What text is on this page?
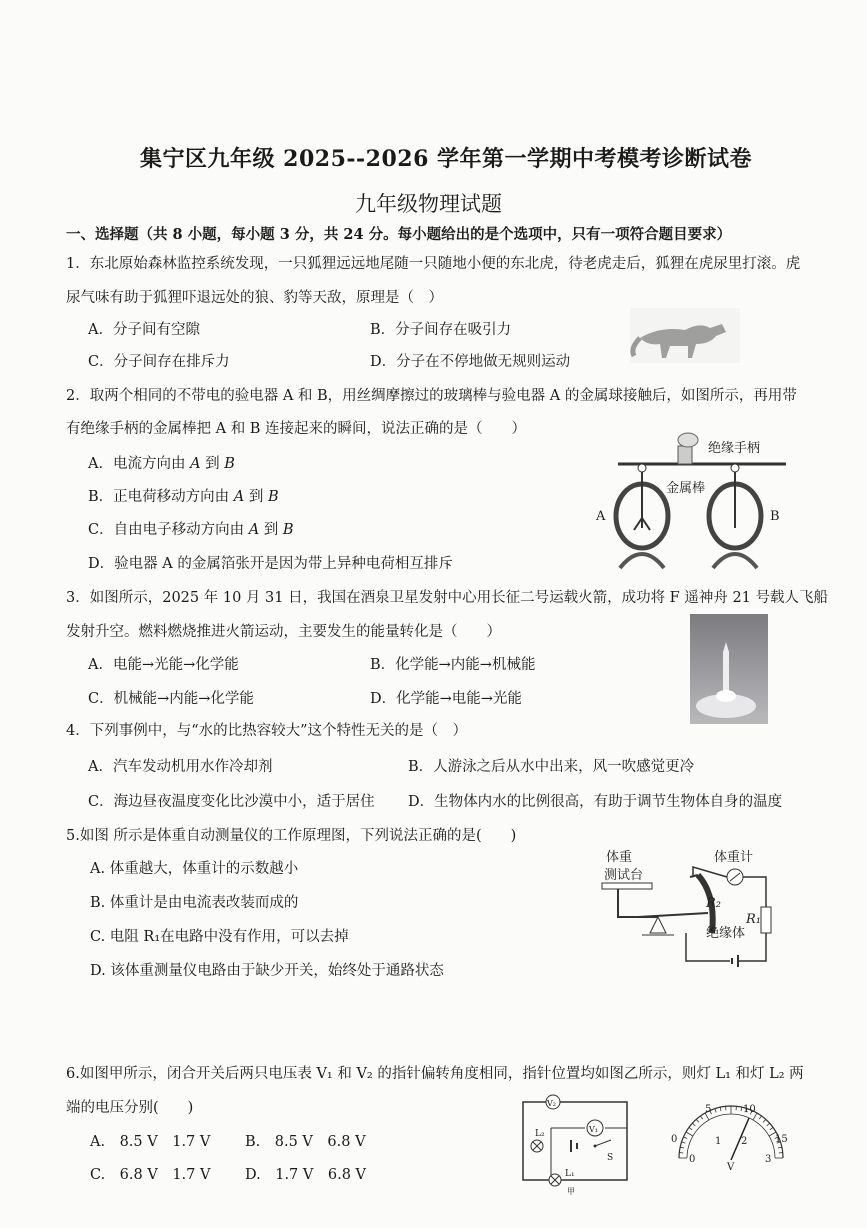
集宁区九年级 2025--2026 学年第一学期中考模考诊断试卷
九年级物理试题
一、选择题（共 8 小题，每小题 3 分，共 24 分。每小题给出的是个选项中，只有一项符合题目要求）
1．东北原始森林监控系统发现，一只狐狸远远地尾随一只随地小便的东北虎，待老虎走后，狐狸在虎尿里打滚。虎
尿气味有助于狐狸吓退远处的狼、豹等天敌，原理是（　）
A．分子间有空隙	B．分子间存在吸引力
C．分子间存在排斥力	D．分子在不停地做无规则运动
2．取两个相同的不带电的验电器 A 和 B，用丝绸摩擦过的玻璃棒与验电器 A 的金属球接触后，如图所示，再用带
有绝缘手柄的金属棒把 A 和 B 连接起来的瞬间，说法正确的是（　　）
A．电流方向由 A 到 B
B．正电荷移动方向由 A 到 B
C．自由电子移动方向由 A 到 B
D．验电器 A 的金属箔张开是因为带上异种电荷相互排斥
绝缘手柄
金属棒
A	B
3．如图所示，2025 年 10 月 31 日，我国在酒泉卫星发射中心用长征二号运载火箭，成功将 F 遥神舟 21 号载人飞船
发射升空。燃料燃烧推进火箭运动，主要发生的能量转化是（　　）
A．电能→光能→化学能	B．化学能→内能→机械能
C．机械能→内能→化学能	D．化学能→电能→光能
4．下列事例中，与“水的比热容较大”这个特性无关的是（　）
A．汽车发动机用水作冷却剂	B．人游泳之后从水中出来，风一吹感觉更冷
C．海边昼夜温度变化比沙漠中小，适于居住 D．生物体内水的比例很高，有助于调节生物体自身的温度
5.如图 所示是体重自动测量仪的工作原理图，下列说法正确的是(　　)
A. 体重越大，体重计的示数越小
B. 体重计是由电流表改装而成的
C. 电阻 R₁在电路中没有作用，可以去掉
D. 该体重测量仪电路由于缺少开关，始终处于通路状态
体重
测试台
体重计
R₂
绝缘体
R₁
6.如图甲所示，闭合开关后两只电压表 V₁ 和 V₂ 的指针偏转角度相同，指针位置均如图乙所示，则灯 L₁ 和灯 L₂ 两
端的电压分别(　　)
A.　8.5 V　1.7 V B.　8.5 V　6.8 V
C.　6.8 V　1.7 V D.　1.7 V　6.8 V
V₂
V₁
L₂
S
L₁
甲
0
5	10
15
0
1 2
3
V
